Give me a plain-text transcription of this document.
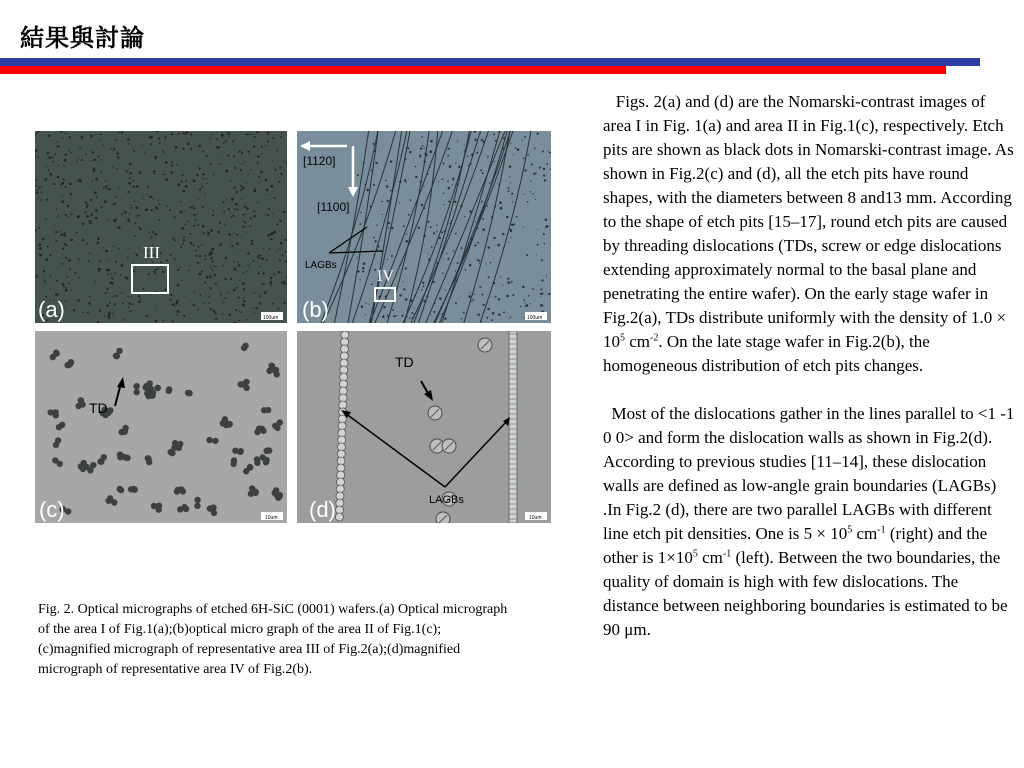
結果與討論
III
(a)	100um
[1120]
[1100]
LAGBs
IV
(b)	100um
TD
(c)	10um
TD
LAGBs
(d)	10um
Fig. 2. Optical micrographs of etched 6H-SiC (0001) wafers.(a) Optical micrograph of the area I of Fig.1(a);(b)optical micro graph of the area II of Fig.1(c); (c)magnified micrograph of representative area III of Fig.2(a);(d)magnified micrograph of representative area IV of Fig.2(b).

Figs. 2(a) and (d) are the Nomarski-contrast images of area I in Fig. 1(a) and area II in Fig.1(c), respectively. Etch pits are shown as black dots in Nomarski-contrast image. As shown in Fig.2(c) and (d), all the etch pits have round shapes, with the diameters between 8 and13 mm. According to the shape of etch pits [15–17], round etch pits are caused by threading dislocations (TDs, screw or edge dislocations extending approximately normal to the basal plane and penetrating the entire wafer). On the early stage wafer in Fig.2(a), TDs distribute uniformly with the density of $1.0 \times 10^5$ $cm^{-2}$. On the late stage wafer in Fig.2(b), the homogeneous distribution of etch pits changes.

Most of the dislocations gather in the lines parallel to <1 -1 0 0> and form the dislocation walls as shown in Fig.2(d). According to previous studies [11–14], these dislocation walls are defined as low-angle grain boundaries (LAGBs) .In Fig.2 (d), there are two parallel LAGBs with different line etch pit densities. One is $5 \times 10^5$ $cm^{-1}$ (right) and the other is $1\times 10^5$ $cm^{-1}$ (left). Between the two boundaries, the quality of domain is high with few dislocations. The distance between neighboring boundaries is estimated to be 90 μm.
